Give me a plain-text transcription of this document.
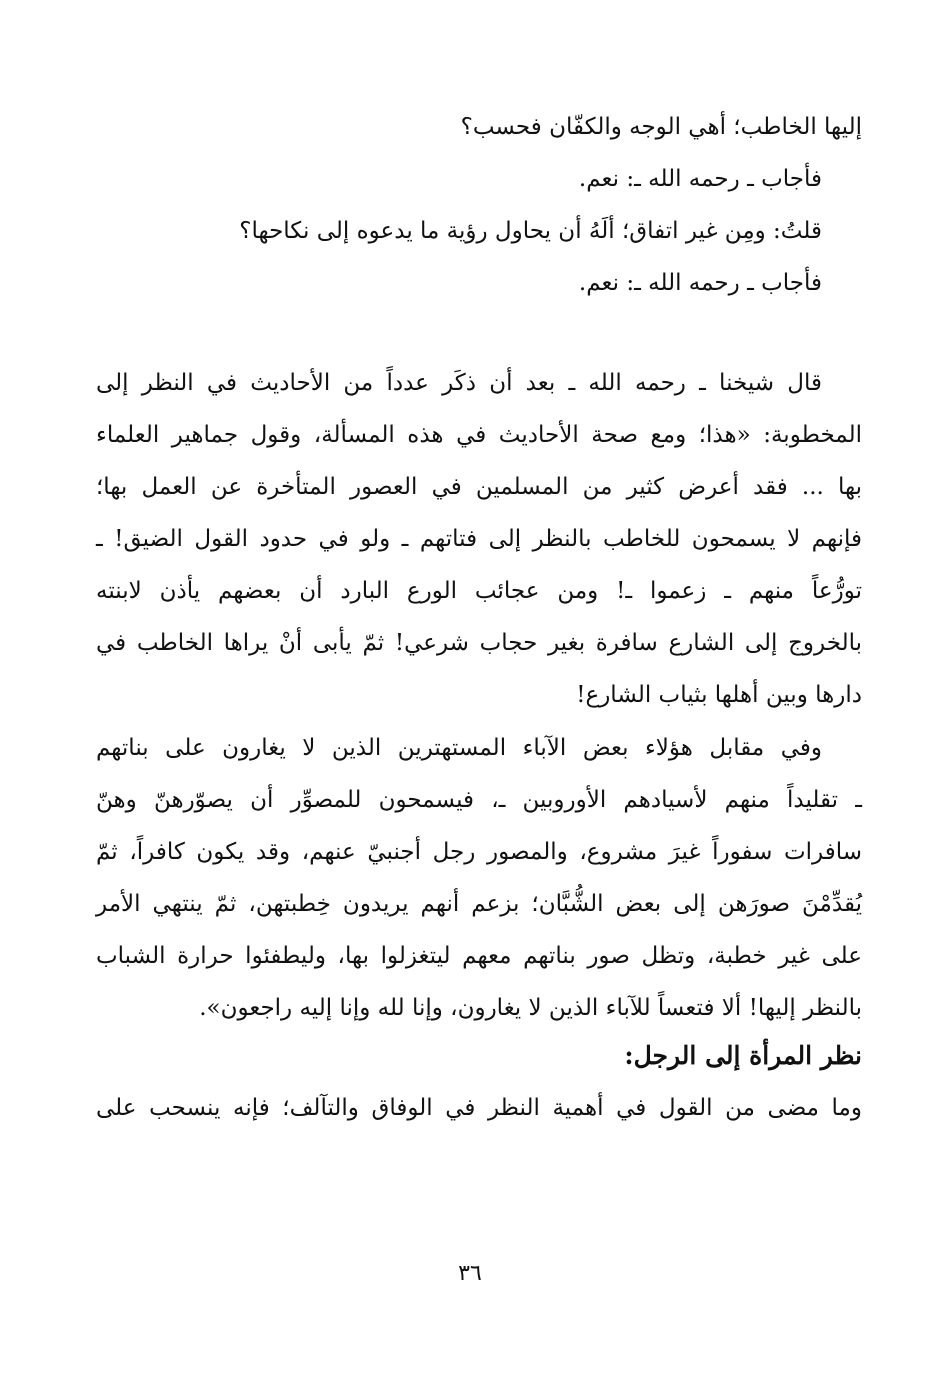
إليها الخاطب؛ أهي الوجه والكفّان فحسب؟
فأجاب ـ رحمه الله ـ: نعم.
قلتُ: ومِن غير اتفاق؛ ألَهُ أن يحاول رؤية ما يدعوه إلى نكاحها؟
فأجاب ـ رحمه الله ـ: نعم.
قال شيخنا ـ رحمه الله ـ بعد أن ذكَر عدداً من الأحاديث في النظر إلى
المخطوبة: «هذا؛ ومع صحة الأحاديث في هذه المسألة، وقول جماهير العلماء
بها ... فقد أعرض كثير من المسلمين في العصور المتأخرة عن العمل بها؛
فإنهم لا يسمحون للخاطب بالنظر إلى فتاتهم ـ ولو في حدود القول الضيق! ـ
تورُّعاً منهم ـ زعموا ـ! ومن عجائب الورع البارد أن بعضهم يأذن لابنته
بالخروج إلى الشارع سافرة بغير حجاب شرعي! ثمّ يأبى أنْ يراها الخاطب في
دارها وبين أهلها بثياب الشارع!
وفي مقابل هؤلاء بعض الآباء المستهترين الذين لا يغارون على بناتهم
ـ تقليداً منهم لأسيادهم الأوروبين ـ، فيسمحون للمصوِّر أن يصوّرهنّ وهنّ
سافرات سفوراً غيرَ مشروع، والمصور رجل أجنبيّ عنهم، وقد يكون كافراً، ثمّ
يُقدِّمْنَ صورَهن إلى بعض الشُّبَّان؛ بزعم أنهم يريدون خِطبتهن، ثمّ ينتهي الأمر
على غير خطبة، وتظل صور بناتهم معهم ليتغزلوا بها، وليطفئوا حرارة الشباب
بالنظر إليها! ألا فتعساً للآباء الذين لا يغارون، وإنا لله وإنا إليه راجعون».
نظر المرأة إلى الرجل:
وما مضى من القول في أهمية النظر في الوفاق والتآلف؛ فإنه ينسحب على
٣٦
